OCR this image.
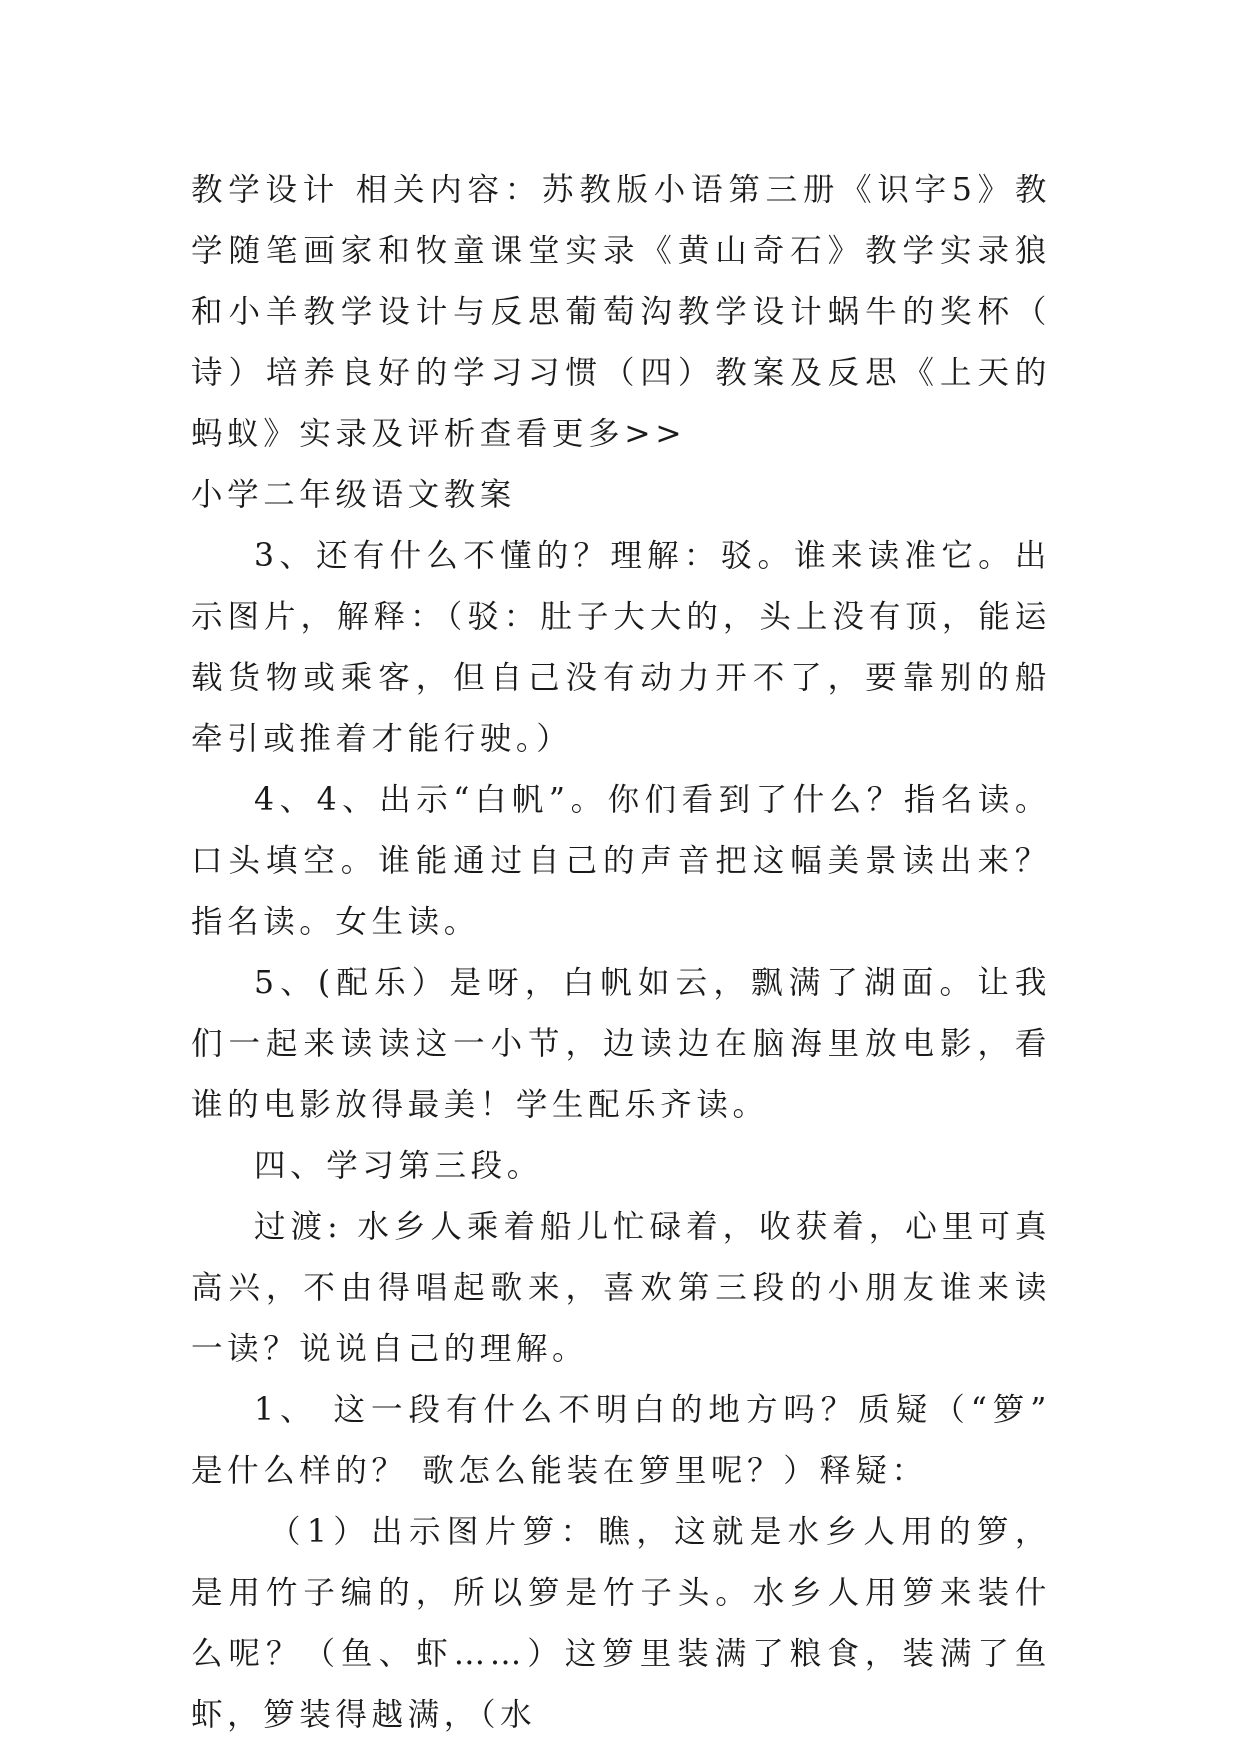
教学设计 相关内容：苏教版小语第三册《识字5》教学随笔画家和牧童课堂实录《黄山奇石》教学实录狼和小羊教学设计与反思葡萄沟教学设计蜗牛的奖杯（诗）培养良好的学习习惯（四）教案及反思《上天的蚂蚁》实录及评析查看更多>>

小学二年级语文教案

3、还有什么不懂的？理解：驳。谁来读准它。出示图片，解释：（驳：肚子大大的，头上没有顶，能运载货物或乘客，但自己没有动力开不了，要靠别的船牵引或推着才能行驶。）

4、4、出示“白帆”。你们看到了什么？指名读。口头填空。谁能通过自己的声音把这幅美景读出来？指名读。女生读。

5、(配乐）是呀，白帆如云，飘满了湖面。让我们一起来读读这一小节，边读边在脑海里放电影，看谁的电影放得最美！学生配乐齐读。

四、学习第三段。

过渡: 水乡人乘着船儿忙碌着，收获着，心里可真高兴，不由得唱起歌来，喜欢第三段的小朋友谁来读一读？说说自己的理解。

1、 这一段有什么不明白的地方吗？质疑（“箩” 是什么样的？ 歌怎么能装在箩里呢？）释疑：

（1）出示图片箩：瞧，这就是水乡人用的箩，是用竹子编的，所以箩是竹子头。水乡人用箩来装什么呢？（鱼、虾……）这箩里装满了粮食，装满了鱼虾，箩装得越满，（水
